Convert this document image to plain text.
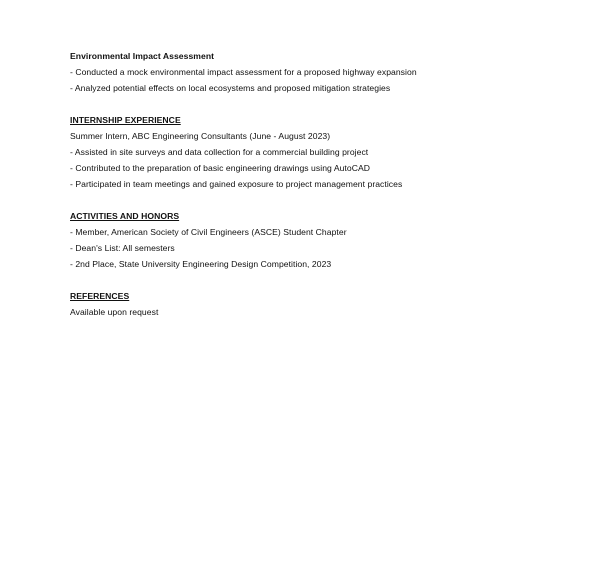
Environmental Impact Assessment
- Conducted a mock environmental impact assessment for a proposed highway expansion
- Analyzed potential effects on local ecosystems and proposed mitigation strategies
INTERNSHIP EXPERIENCE
Summer Intern, ABC Engineering Consultants (June - August 2023)
- Assisted in site surveys and data collection for a commercial building project
- Contributed to the preparation of basic engineering drawings using AutoCAD
- Participated in team meetings and gained exposure to project management practices
ACTIVITIES AND HONORS
- Member, American Society of Civil Engineers (ASCE) Student Chapter
- Dean's List: All semesters
- 2nd Place, State University Engineering Design Competition, 2023
REFERENCES
Available upon request
